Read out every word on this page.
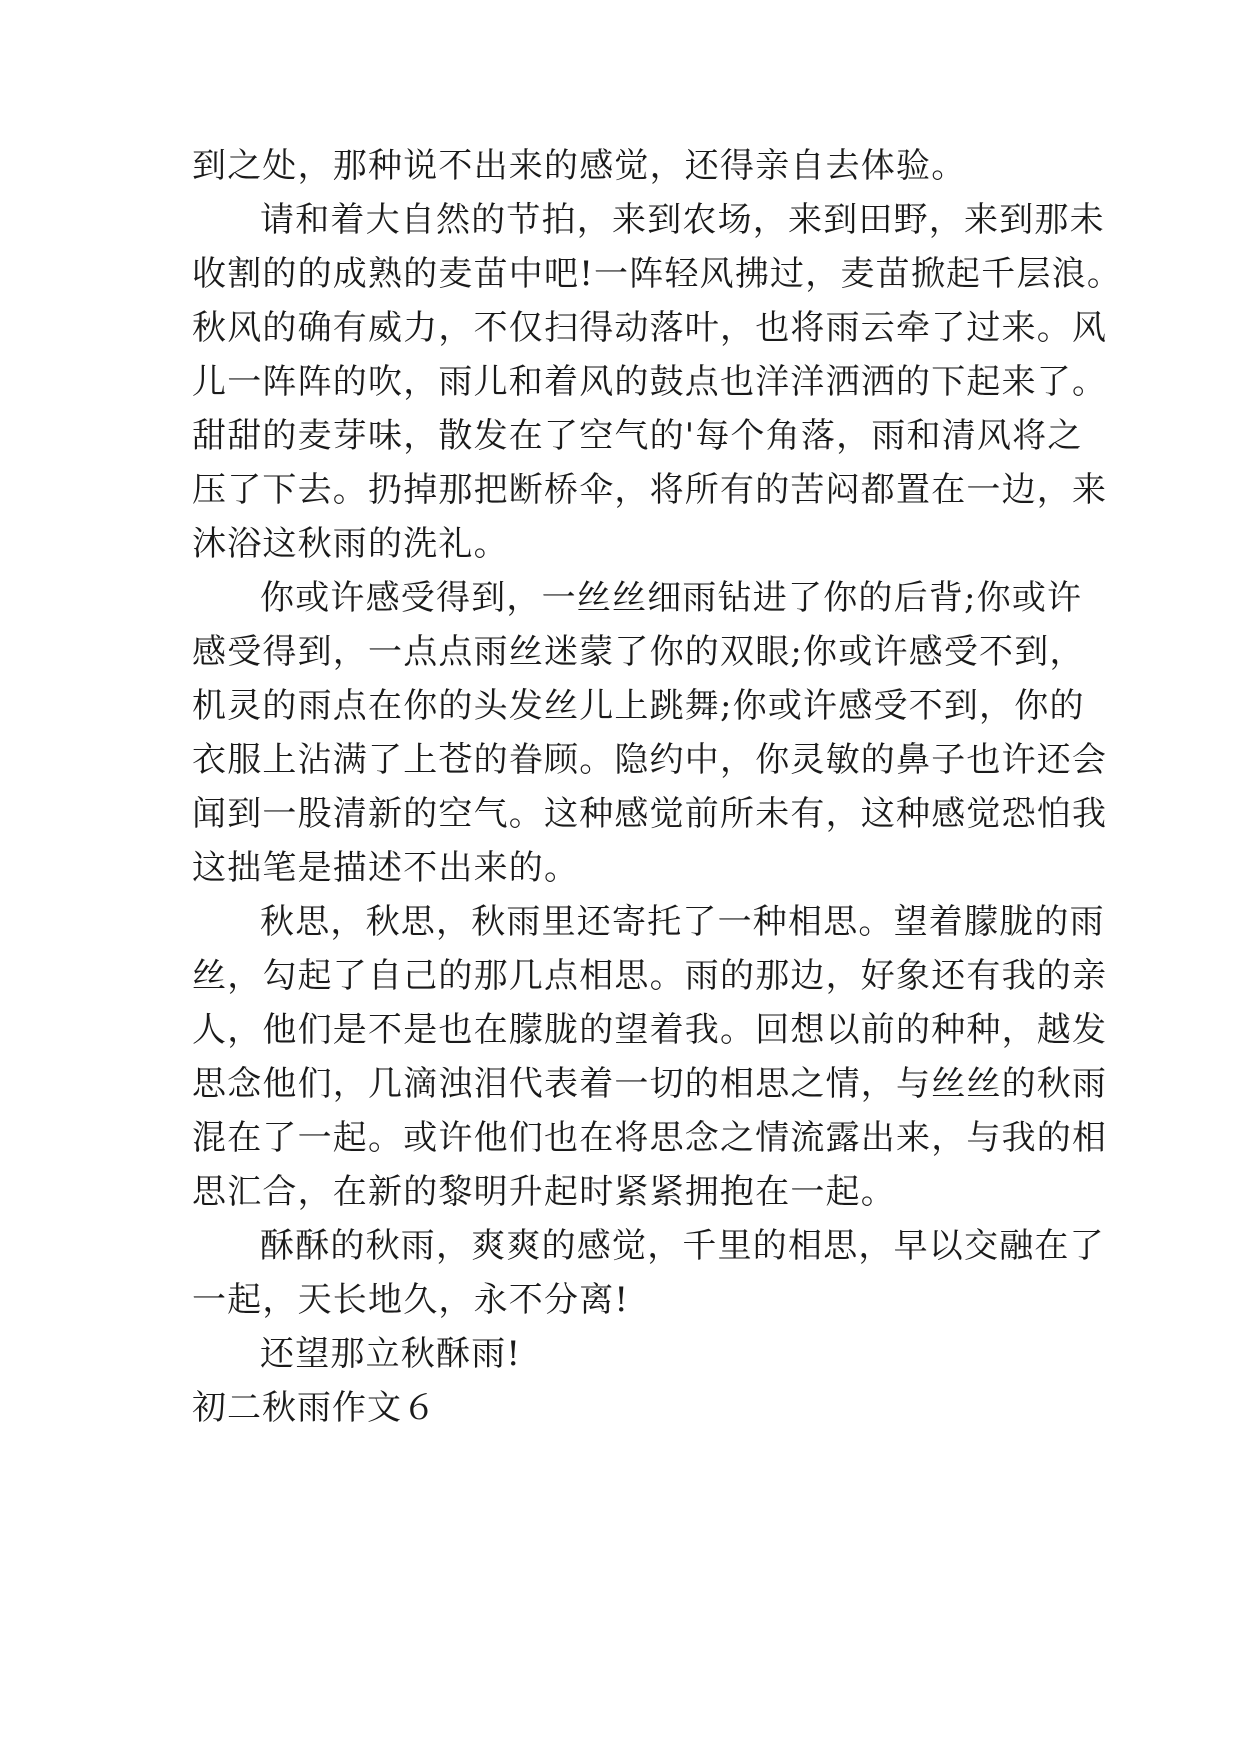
到之处，那种说不出来的感觉，还得亲自去体验。
请和着大自然的节拍，来到农场，来到田野，来到那未
收割的的成熟的麦苗中吧!一阵轻风拂过，麦苗掀起千层浪。
秋风的确有威力，不仅扫得动落叶，也将雨云牵了过来。风
儿一阵阵的吹，雨儿和着风的鼓点也洋洋洒洒的下起来了。
甜甜的麦芽味，散发在了空气的'每个角落，雨和清风将之
压了下去。扔掉那把断桥伞，将所有的苦闷都置在一边，来
沐浴这秋雨的洗礼。
你或许感受得到，一丝丝细雨钻进了你的后背;你或许
感受得到，一点点雨丝迷蒙了你的双眼;你或许感受不到，
机灵的雨点在你的头发丝儿上跳舞;你或许感受不到，你的
衣服上沾满了上苍的眷顾。隐约中，你灵敏的鼻子也许还会
闻到一股清新的空气。这种感觉前所未有，这种感觉恐怕我
这拙笔是描述不出来的。
秋思，秋思，秋雨里还寄托了一种相思。望着朦胧的雨
丝，勾起了自己的那几点相思。雨的那边，好象还有我的亲
人，他们是不是也在朦胧的望着我。回想以前的种种，越发
思念他们，几滴浊泪代表着一切的相思之情，与丝丝的秋雨
混在了一起。或许他们也在将思念之情流露出来，与我的相
思汇合，在新的黎明升起时紧紧拥抱在一起。
酥酥的秋雨，爽爽的感觉，千里的相思，早以交融在了
一起，天长地久，永不分离!
还望那立秋酥雨!
初二秋雨作文６
